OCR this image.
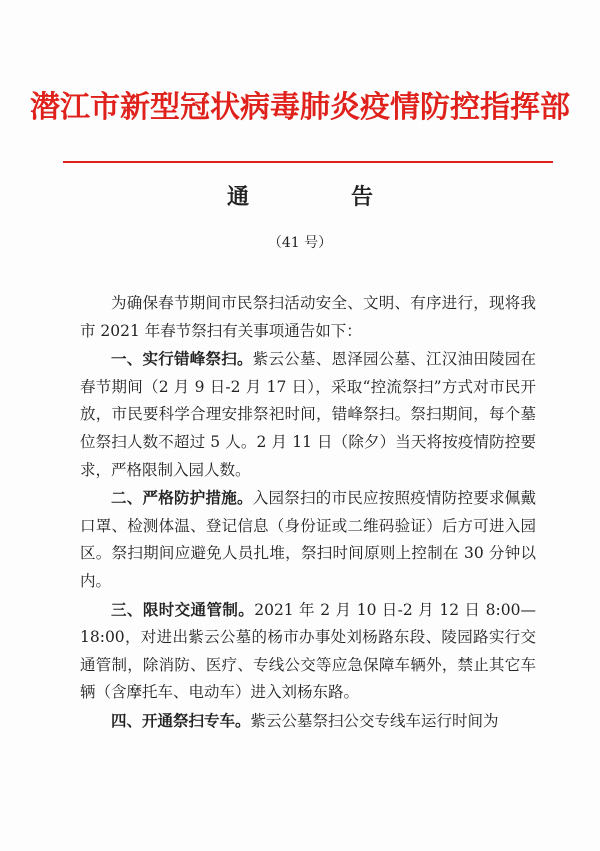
潜江市新型冠状病毒肺炎疫情防控指挥部
通　告
（41 号）

为确保春节期间市民祭扫活动安全、文明、有序进行，现将我市 2021 年春节祭扫有关事项通告如下：

一、实行错峰祭扫。紫云公墓、恩泽园公墓、江汉油田陵园在春节期间（2 月 9 日-2 月 17 日），采取“控流祭扫”方式对市民开放，市民要科学合理安排祭祀时间，错峰祭扫。祭扫期间，每个墓位祭扫人数不超过 5 人。2 月 11 日（除夕）当天将按疫情防控要求，严格限制入园人数。

二、严格防护措施。入园祭扫的市民应按照疫情防控要求佩戴口罩、检测体温、登记信息（身份证或二维码验证）后方可进入园区。祭扫期间应避免人员扎堆，祭扫时间原则上控制在 30 分钟以内。

三、限时交通管制。2021 年 2 月 10 日-2 月 12 日 8:00—18:00，对进出紫云公墓的杨市办事处刘杨路东段、陵园路实行交通管制，除消防、医疗、专线公交等应急保障车辆外，禁止其它车辆（含摩托车、电动车）进入刘杨东路。

四、开通祭扫专车。紫云公墓祭扫公交专线车运行时间为
